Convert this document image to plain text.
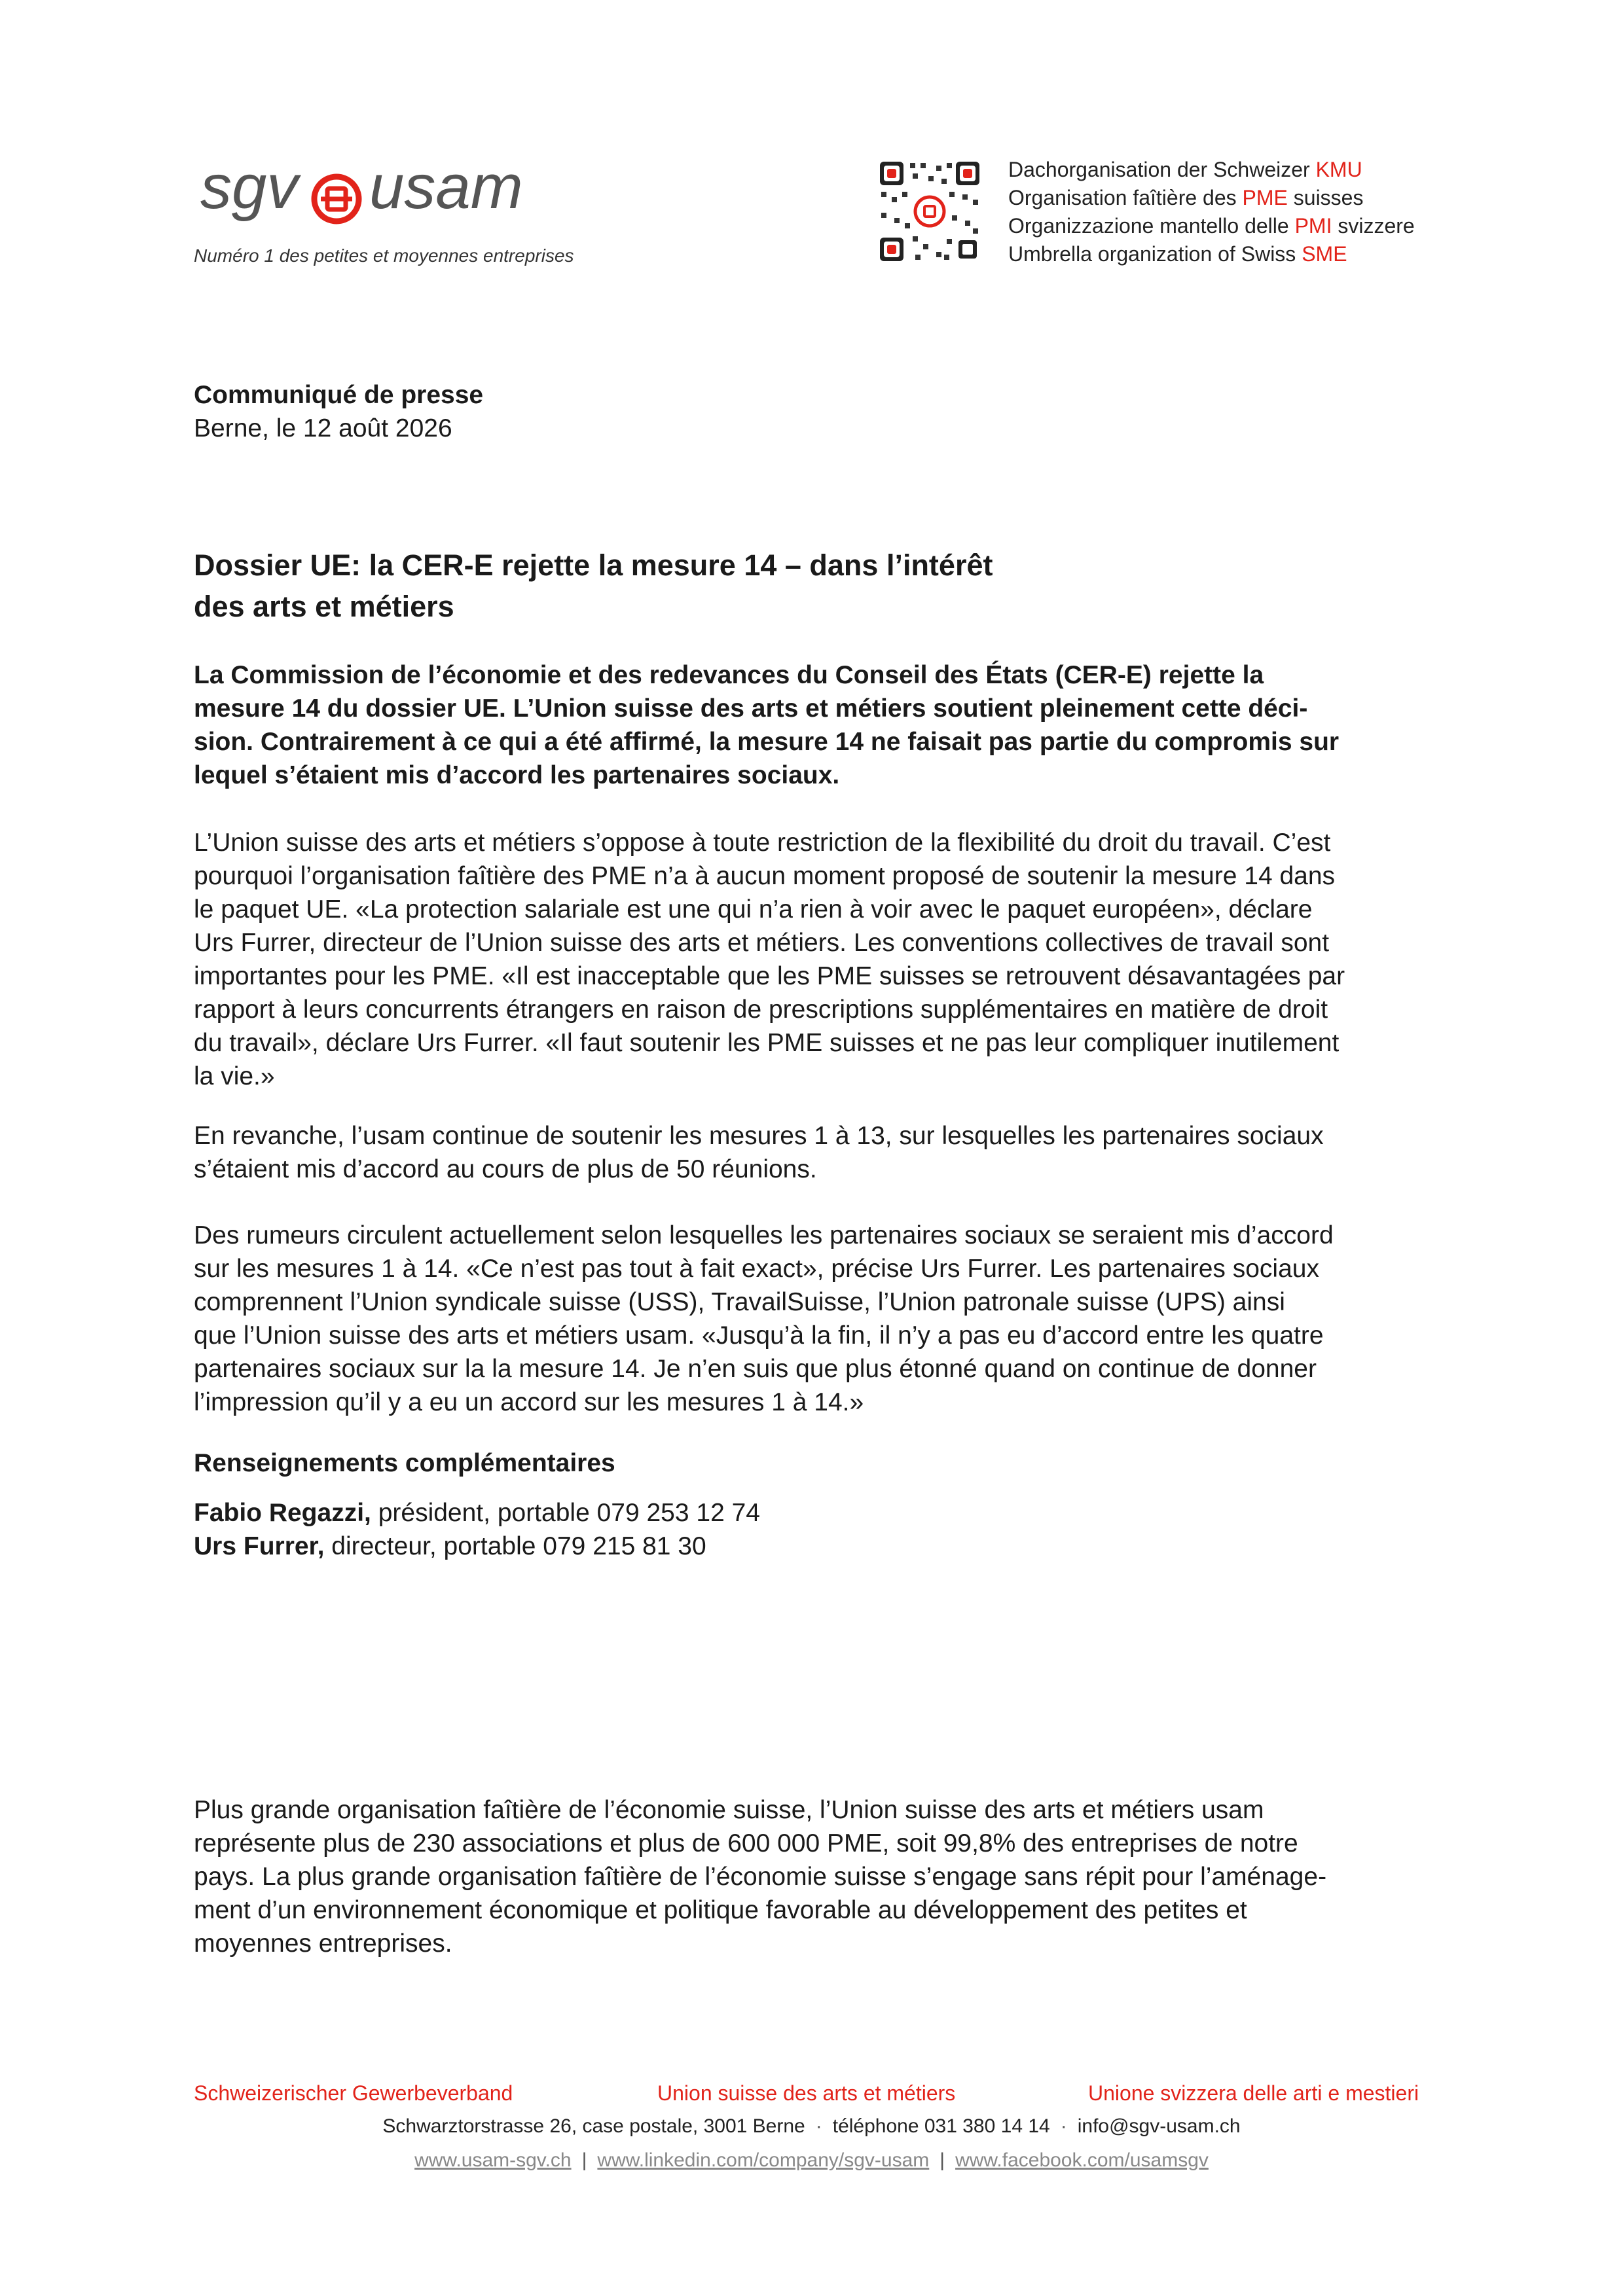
sgv usam
Numéro 1 des petites et moyennes entreprises
Dachorganisation der Schweizer KMU
Organisation faîtière des PME suisses
Organizzazione mantello delle PMI svizzere
Umbrella organization of Swiss SME
Communiqué de presse
Berne, le 12 août 2026
Dossier UE: la CER-E rejette la mesure 14 – dans l’intérêt
des arts et métiers
La Commission de l’économie et des redevances du Conseil des États (CER-E) rejette la
mesure 14 du dossier UE. L’Union suisse des arts et métiers soutient pleinement cette déci-
sion. Contrairement à ce qui a été affirmé, la mesure 14 ne faisait pas partie du compromis sur
lequel s’étaient mis d’accord les partenaires sociaux.
L’Union suisse des arts et métiers s’oppose à toute restriction de la flexibilité du droit du travail. C’est
pourquoi l’organisation faîtière des PME n’a à aucun moment proposé de soutenir la mesure 14 dans
le paquet UE. «La protection salariale est une qui n’a rien à voir avec le paquet européen», déclare
Urs Furrer, directeur de l’Union suisse des arts et métiers. Les conventions collectives de travail sont
importantes pour les PME. «Il est inacceptable que les PME suisses se retrouvent désavantagées par
rapport à leurs concurrents étrangers en raison de prescriptions supplémentaires en matière de droit
du travail», déclare Urs Furrer. «Il faut soutenir les PME suisses et ne pas leur compliquer inutilement
la vie.»
En revanche, l’usam continue de soutenir les mesures 1 à 13, sur lesquelles les partenaires sociaux
s’étaient mis d’accord au cours de plus de 50 réunions.
Des rumeurs circulent actuellement selon lesquelles les partenaires sociaux se seraient mis d’accord
sur les mesures 1 à 14. «Ce n’est pas tout à fait exact», précise Urs Furrer. Les partenaires sociaux
comprennent l’Union syndicale suisse (USS), TravailSuisse, l’Union patronale suisse (UPS) ainsi
que l’Union suisse des arts et métiers usam. «Jusqu’à la fin, il n’y a pas eu d’accord entre les quatre
partenaires sociaux sur la la mesure 14. Je n’en suis que plus étonné quand on continue de donner
l’impression qu’il y a eu un accord sur les mesures 1 à 14.»
Renseignements complémentaires
Fabio Regazzi, président, portable 079 253 12 74
Urs Furrer, directeur, portable 079 215 81 30
Plus grande organisation faîtière de l’économie suisse, l’Union suisse des arts et métiers usam
représente plus de 230 associations et plus de 600 000 PME, soit 99,8% des entreprises de notre
pays. La plus grande organisation faîtière de l’économie suisse s’engage sans répit pour l’aménage-
ment d’un environnement économique et politique favorable au développement des petites et
moyennes entreprises.
Schweizerischer Gewerbeverband	Union suisse des arts et métiers	Unione svizzera delle arti e mestieri
Schwarztorstrasse 26, case postale, 3001 Berne · téléphone 031 380 14 14 · info@sgv-usam.ch
www.usam-sgv.ch | www.linkedin.com/company/sgv-usam | www.facebook.com/usamsgv
